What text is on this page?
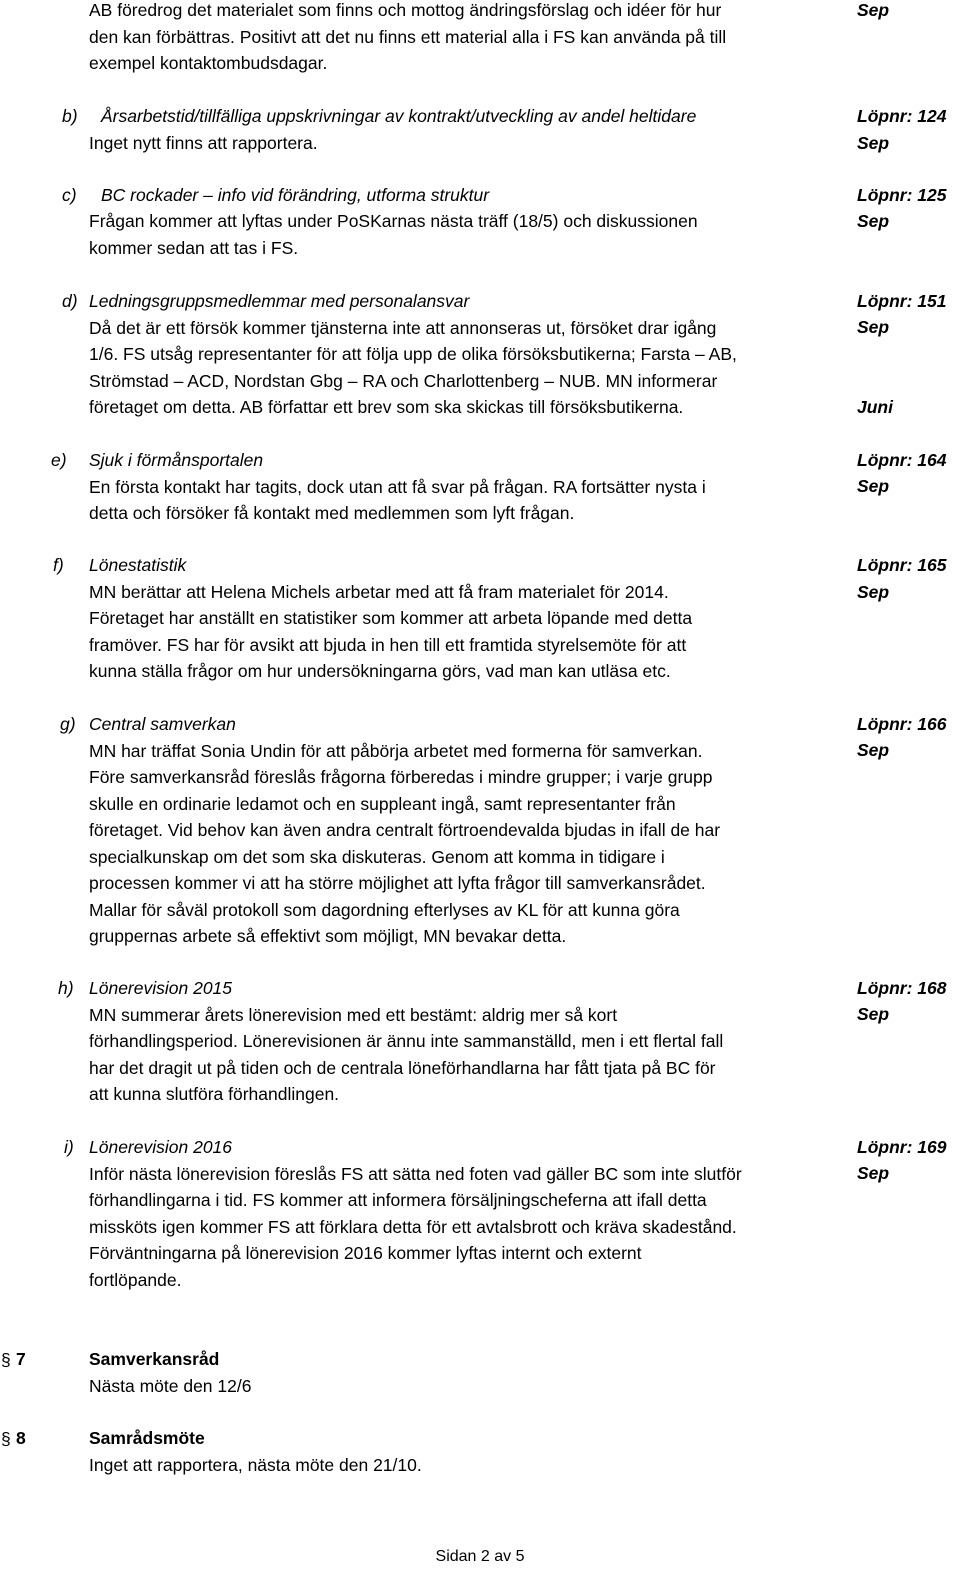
AB föredrog det materialet som finns och mottog ändringsförslag och idéer för hur
den kan förbättras. Positivt att det nu finns ett material alla i FS kan använda på till
exempel kontaktombudsdagar.
Sep
b) Årsarbetstid/tillfälliga uppskrivningar av kontrakt/utveckling av andel heltidare
Inget nytt finns att rapportera.
Löpnr: 124
Sep
c) BC rockader – info vid förändring, utforma struktur
Frågan kommer att lyftas under PoSKarnas nästa träff (18/5) och diskussionen
kommer sedan att tas i FS.
Löpnr: 125
Sep
d) Ledningsgruppsmedlemmar med personalansvar
Då det är ett försök kommer tjänsterna inte att annonseras ut, försöket drar igång
1/6. FS utsåg representanter för att följa upp de olika försöksbutikerna; Farsta – AB,
Strömstad – ACD, Nordstan Gbg – RA och Charlottenberg – NUB. MN informerar
företaget om detta. AB författar ett brev som ska skickas till försöksbutikerna.
Löpnr: 151
Sep
Juni
e) Sjuk i förmånsportalen
En första kontakt har tagits, dock utan att få svar på frågan. RA fortsätter nysta i
detta och försöker få kontakt med medlemmen som lyft frågan.
Löpnr: 164
Sep
f) Lönestatistik
MN berättar att Helena Michels arbetar med att få fram materialet för 2014.
Företaget har anställt en statistiker som kommer att arbeta löpande med detta
framöver. FS har för avsikt att bjuda in hen till ett framtida styrelsemöte för att
kunna ställa frågor om hur undersökningarna görs, vad man kan utläsa etc.
Löpnr: 165
Sep
g) Central samverkan
MN har träffat Sonia Undin för att påbörja arbetet med formerna för samverkan.
Före samverkansråd föreslås frågorna förberedas i mindre grupper; i varje grupp
skulle en ordinarie ledamot och en suppleant ingå, samt representanter från
företaget. Vid behov kan även andra centralt förtroendevalda bjudas in ifall de har
specialkunskap om det som ska diskuteras. Genom att komma in tidigare i
processen kommer vi att ha större möjlighet att lyfta frågor till samverkansrådet.
Mallar för såväl protokoll som dagordning efterlyses av KL för att kunna göra
gruppernas arbete så effektivt som möjligt, MN bevakar detta.
Löpnr: 166
Sep
h) Lönerevision 2015
MN summerar årets lönerevision med ett bestämt: aldrig mer så kort
förhandlingsperiod. Lönerevisionen är ännu inte sammanställd, men i ett flertal fall
har det dragit ut på tiden och de centrala löneförhandlarna har fått tjata på BC för
att kunna slutföra förhandlingen.
Löpnr: 168
Sep
i) Lönerevision 2016
Inför nästa lönerevision föreslås FS att sätta ned foten vad gäller BC som inte slutför
förhandlingarna i tid. FS kommer att informera försäljningscheferna att ifall detta
missköts igen kommer FS att förklara detta för ett avtalsbrott och kräva skadestånd.
Förväntningarna på lönerevision 2016 kommer lyftas internt och externt
fortlöpande.
Löpnr: 169
Sep
§ 7	Samverkansråd
Nästa möte den 12/6
§ 8	Samrådsmöte
Inget att rapportera, nästa möte den 21/10.
Sidan 2 av 5
